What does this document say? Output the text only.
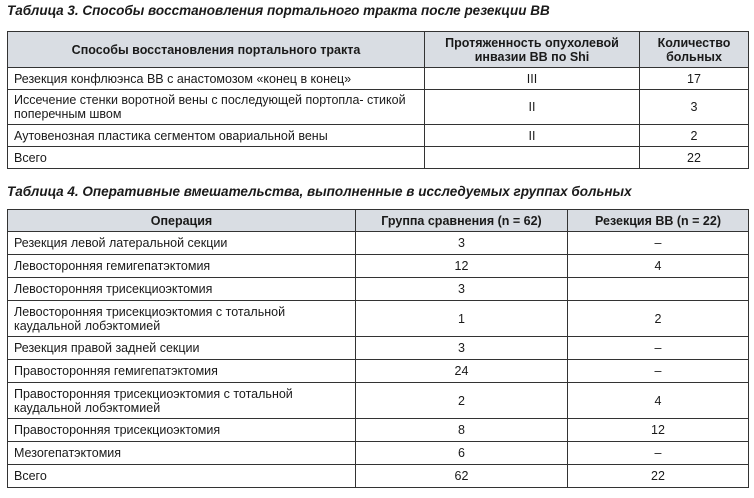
Таблица 3. Способы восстановления портального тракта после резекции ВВ
Способы восстановления портального тракта	Протяженность опухолевой инвазии ВВ по Shi	Количество больных
Резекция конфлюэнса ВВ с анастомозом «конец в конец»	III	17
Иссечение стенки воротной вены с последующей портопла- стикой поперечным швом	II	3
Аутовенозная пластика сегментом овариальной вены	II	2
Всего		22
Таблица 4. Оперативные вмешательства, выполненные в исследуемых группах больных
Операция	Группа сравнения (n = 62)	Резекция ВВ (n = 22)
Резекция левой латеральной секции	3	–
Левосторонняя гемигепатэктомия	12	4
Левосторонняя трисекциоэктомия	3	
Левосторонняя трисекциоэктомия с тотальной каудальной лобэктомией	1	2
Резекция правой задней секции	3	–
Правосторонняя гемигепатэктомия	24	–
Правосторонняя трисекциоэктомия с тотальной каудальной лобэктомией	2	4
Правосторонняя трисекциоэктомия	8	12
Мезогепатэктомия	6	–
Всего	62	22
